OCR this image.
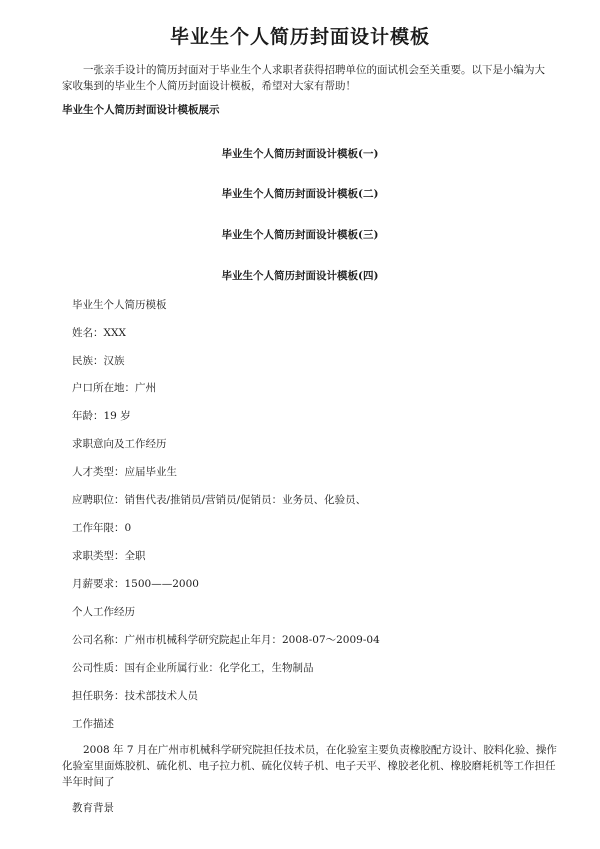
毕业生个人简历封面设计模板
一张亲手设计的简历封面对于毕业生个人求职者获得招聘单位的面试机会至关重要。以下是小编为大家收集到的毕业生个人简历封面设计模板，希望对大家有帮助！
毕业生个人简历封面设计模板展示
毕业生个人简历封面设计模板(一)
毕业生个人简历封面设计模板(二)
毕业生个人简历封面设计模板(三)
毕业生个人简历封面设计模板(四)
毕业生个人简历模板
姓名：XXX
民族：汉族
户口所在地：广州
年龄：19 岁
求职意向及工作经历
人才类型：应届毕业生
应聘职位：销售代表/推销员/营销员/促销员：业务员、化验员、
工作年限：0
求职类型：全职
月薪要求：1500——2000
个人工作经历
公司名称：广州市机械科学研究院起止年月：2008-07～2009-04
公司性质：国有企业所属行业：化学化工，生物制品
担任职务：技术部技术人员
工作描述
2008 年 7 月在广州市机械科学研究院担任技术员，在化验室主要负责橡胶配方设计、胶料化验、操作化验室里面炼胶机、硫化机、电子拉力机、硫化仪转子机、电子天平、橡胶老化机、橡胶磨耗机等工作担任半年时间了
教育背景
